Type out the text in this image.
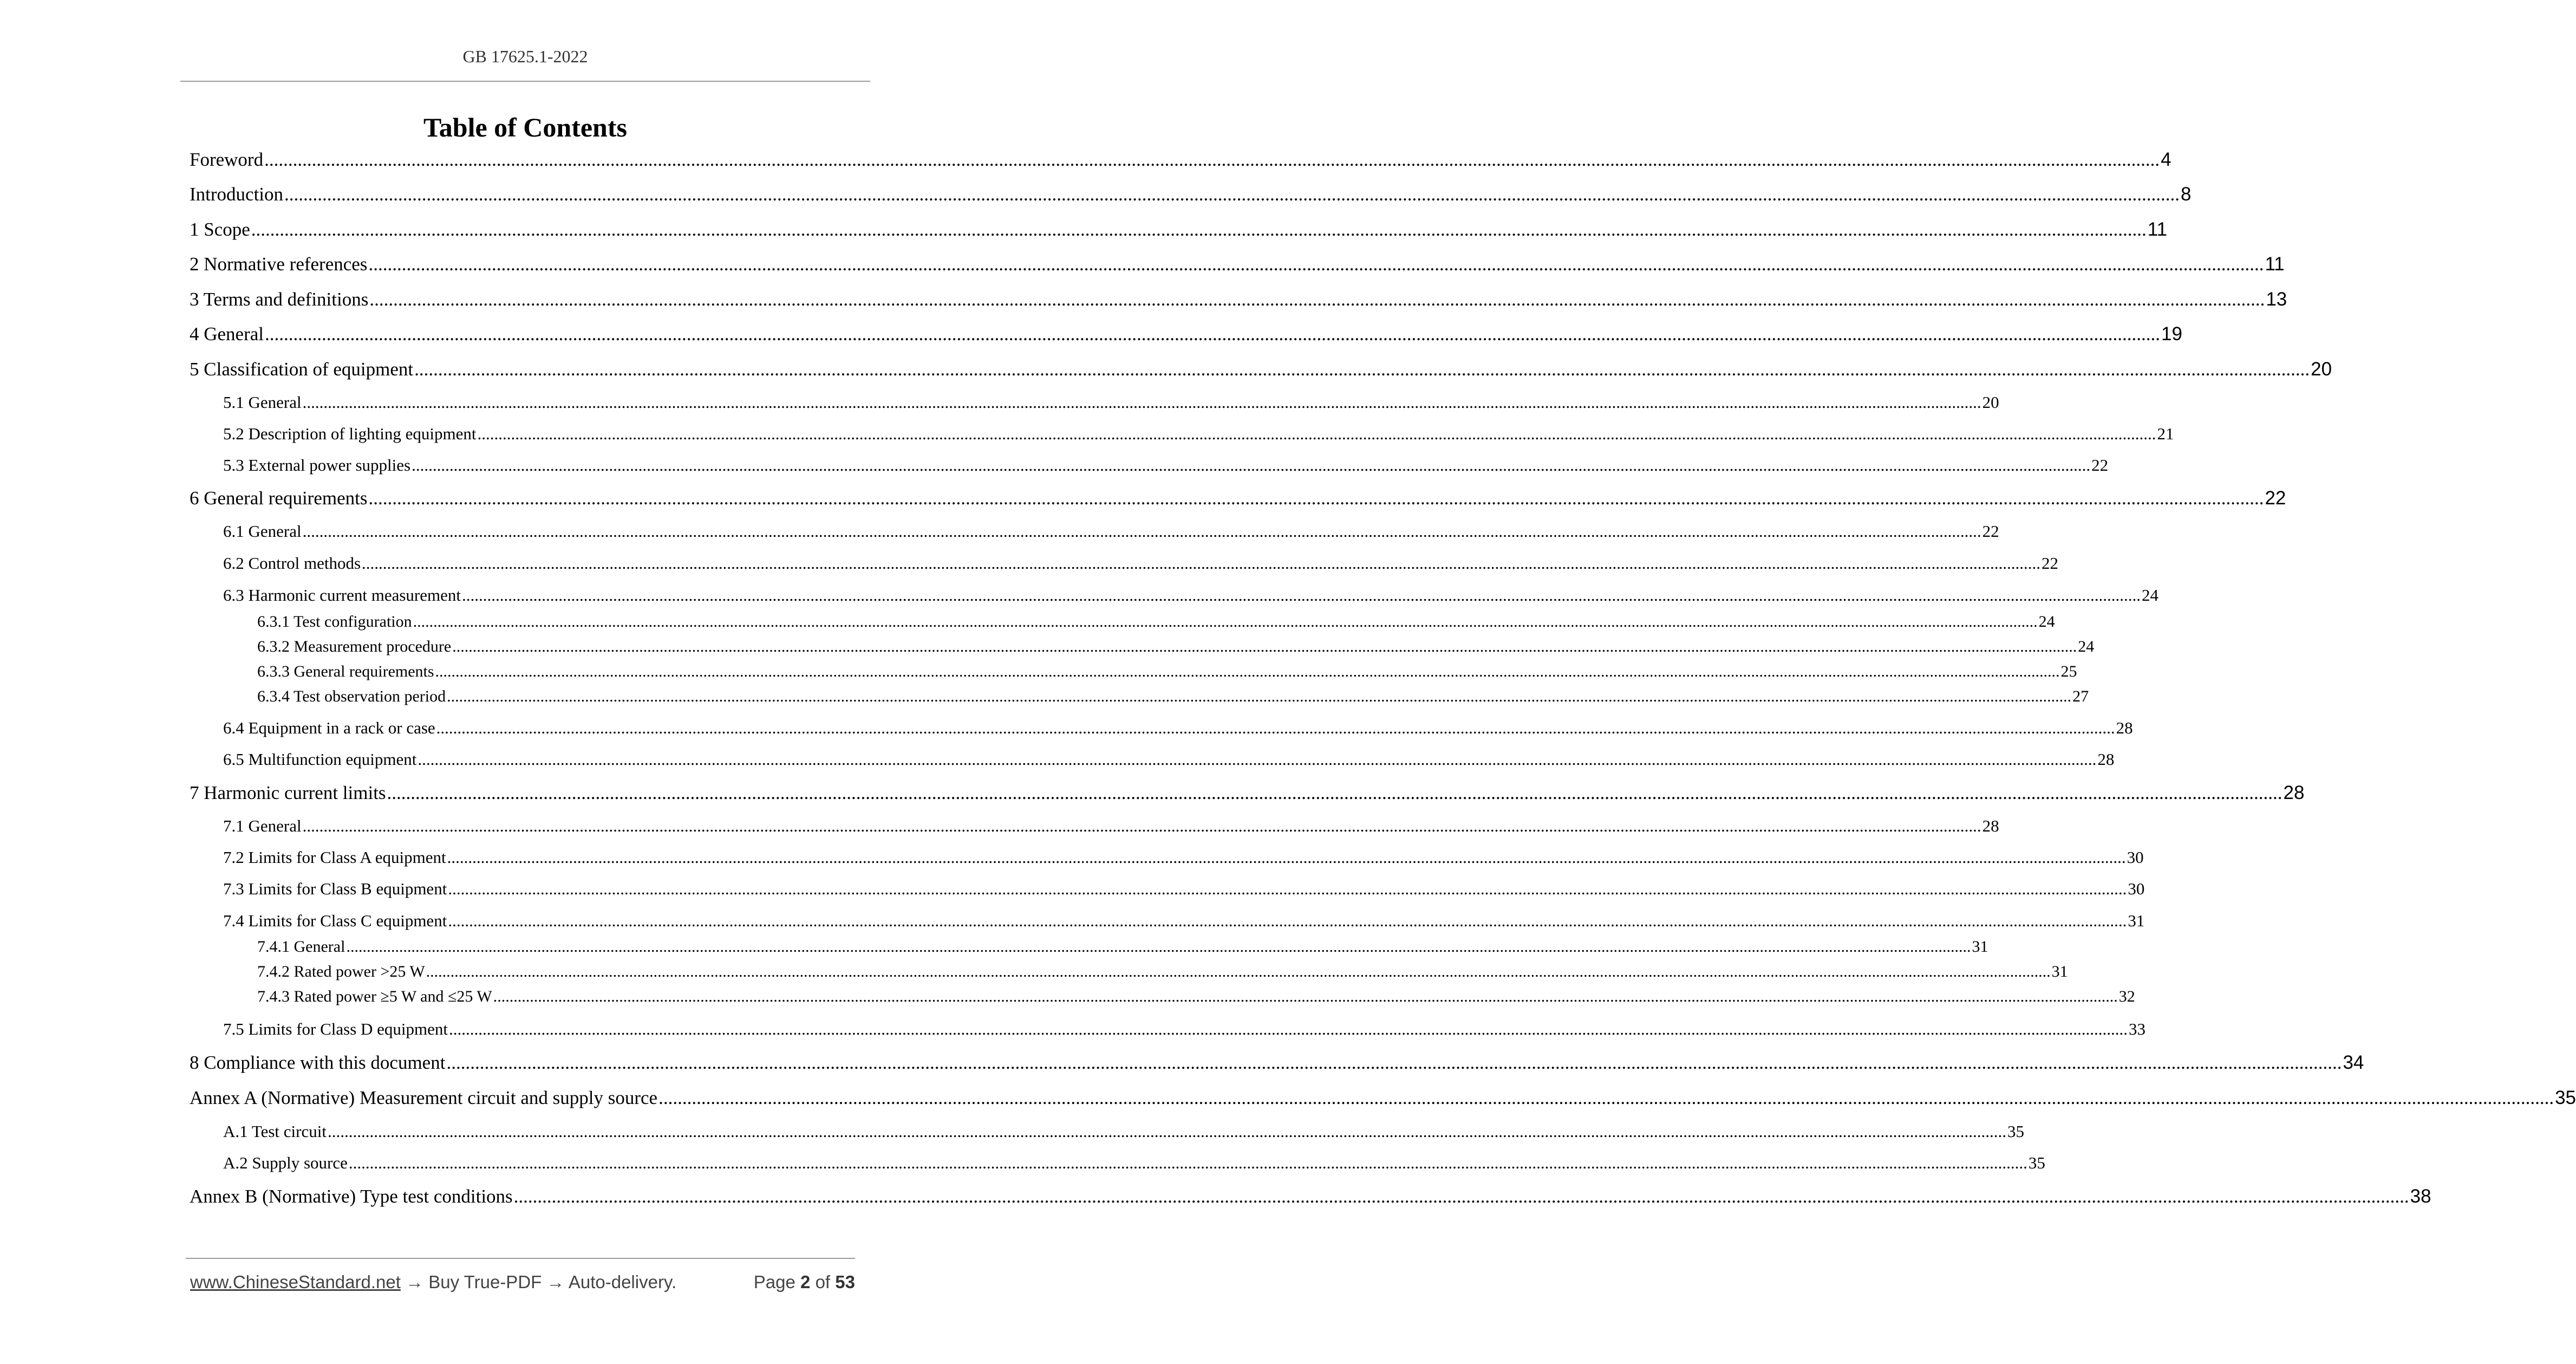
GB 17625.1-2022
Table of Contents
Foreword ................................................................................................................................................................................................................................................................................................................................................................................................................ 4
Introduction ................................................................................................................................................................................................................................................................................................................................................................................................................ 8
1 Scope ................................................................................................................................................................................................................................................................................................................................................................................................................ 11
2 Normative references ................................................................................................................................................................................................................................................................................................................................................................................................................ 11
3 Terms and definitions ................................................................................................................................................................................................................................................................................................................................................................................................................ 13
4 General ................................................................................................................................................................................................................................................................................................................................................................................................................ 19
5 Classification of equipment ................................................................................................................................................................................................................................................................................................................................................................................................................ 20
5.1 General ................................................................................................................................................................................................................................................................................................................................................................................................................ 20
5.2 Description of lighting equipment ................................................................................................................................................................................................................................................................................................................................................................................................................ 21
5.3 External power supplies ................................................................................................................................................................................................................................................................................................................................................................................................................ 22
6 General requirements ................................................................................................................................................................................................................................................................................................................................................................................................................ 22
6.1 General ................................................................................................................................................................................................................................................................................................................................................................................................................ 22
6.2 Control methods ................................................................................................................................................................................................................................................................................................................................................................................................................ 22
6.3 Harmonic current measurement ................................................................................................................................................................................................................................................................................................................................................................................................................ 24
6.3.1 Test configuration ................................................................................................................................................................................................................................................................................................................................................................................................................ 24
6.3.2 Measurement procedure ................................................................................................................................................................................................................................................................................................................................................................................................................ 24
6.3.3 General requirements ................................................................................................................................................................................................................................................................................................................................................................................................................ 25
6.3.4 Test observation period ................................................................................................................................................................................................................................................................................................................................................................................................................ 27
6.4 Equipment in a rack or case ................................................................................................................................................................................................................................................................................................................................................................................................................ 28
6.5 Multifunction equipment ................................................................................................................................................................................................................................................................................................................................................................................................................ 28
7 Harmonic current limits ................................................................................................................................................................................................................................................................................................................................................................................................................ 28
7.1 General ................................................................................................................................................................................................................................................................................................................................................................................................................ 28
7.2 Limits for Class A equipment ................................................................................................................................................................................................................................................................................................................................................................................................................ 30
7.3 Limits for Class B equipment ................................................................................................................................................................................................................................................................................................................................................................................................................ 30
7.4 Limits for Class C equipment ................................................................................................................................................................................................................................................................................................................................................................................................................ 31
7.4.1 General ................................................................................................................................................................................................................................................................................................................................................................................................................ 31
7.4.2 Rated power >25 W ................................................................................................................................................................................................................................................................................................................................................................................................................ 31
7.4.3 Rated power ≥5 W and ≤25 W ................................................................................................................................................................................................................................................................................................................................................................................................................ 32
7.5 Limits for Class D equipment ................................................................................................................................................................................................................................................................................................................................................................................................................ 33
8 Compliance with this document ................................................................................................................................................................................................................................................................................................................................................................................................................ 34
Annex A (Normative) Measurement circuit and supply source ................................................................................................................................................................................................................................................................................................................................................................................................................ 35
A.1 Test circuit ................................................................................................................................................................................................................................................................................................................................................................................................................ 35
A.2 Supply source ................................................................................................................................................................................................................................................................................................................................................................................................................ 35
Annex B (Normative) Type test conditions ................................................................................................................................................................................................................................................................................................................................................................................................................ 38
www.ChineseStandard.net → Buy True-PDF → Auto-delivery.	Page 2 of 53
